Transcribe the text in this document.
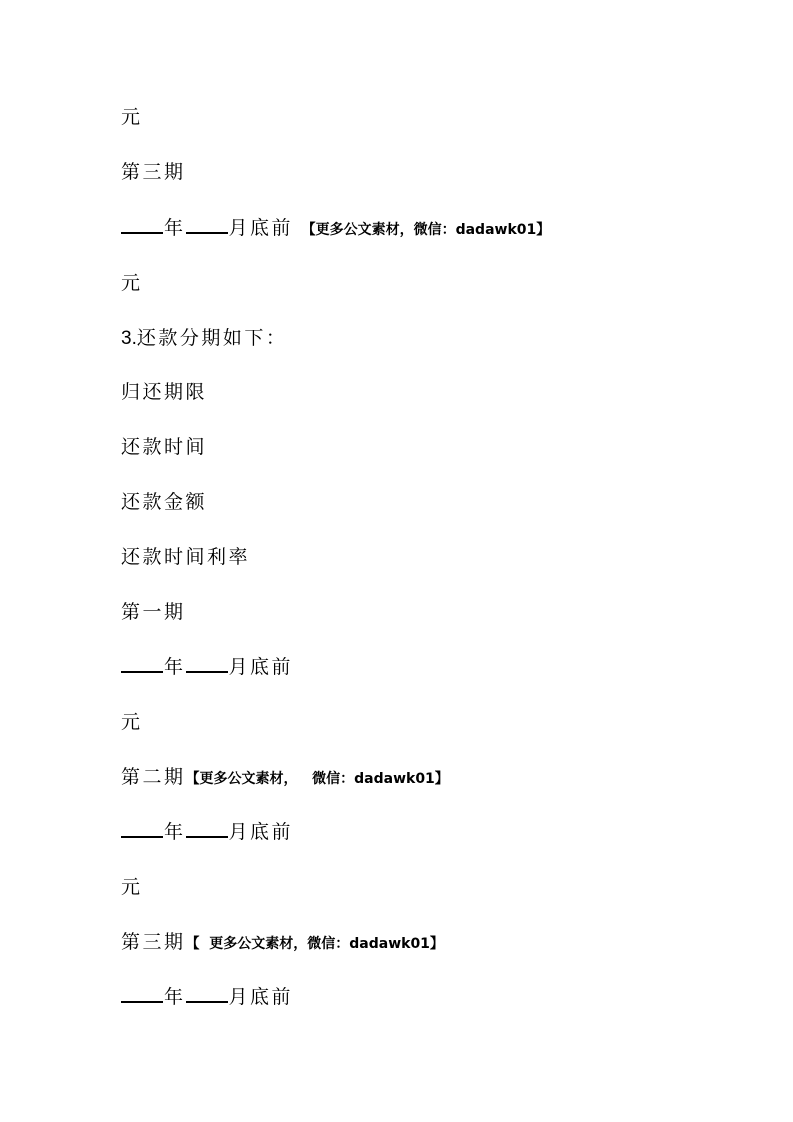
元
第三期
年 月底前 【更多公文素材，微信：dadawk01】
元
3.还款分期如下：
归还期限
还款时间
还款金额
还款时间利率
第一期
年 月底前
元
第二期【更多公文素材，   微信：dadawk01】
年 月底前
元
第三期【  更多公文素材，微信：dadawk01】
年 月底前
